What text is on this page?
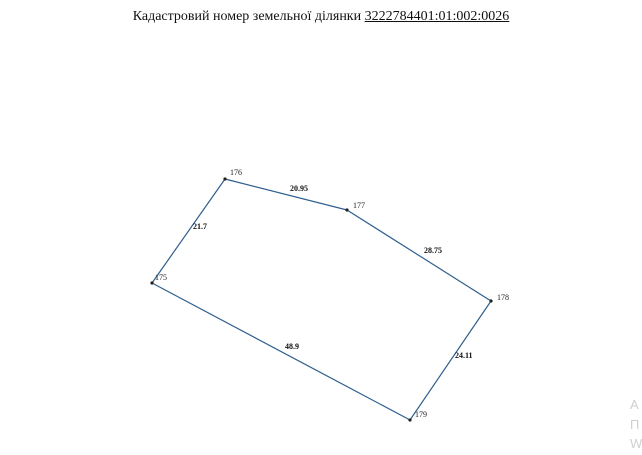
Кадастровий номер земельної ділянки 3222784401:01:002:0026
175
176
177
178
179
21.7
20.95
28.75
24.11
48.9
А
П
W
